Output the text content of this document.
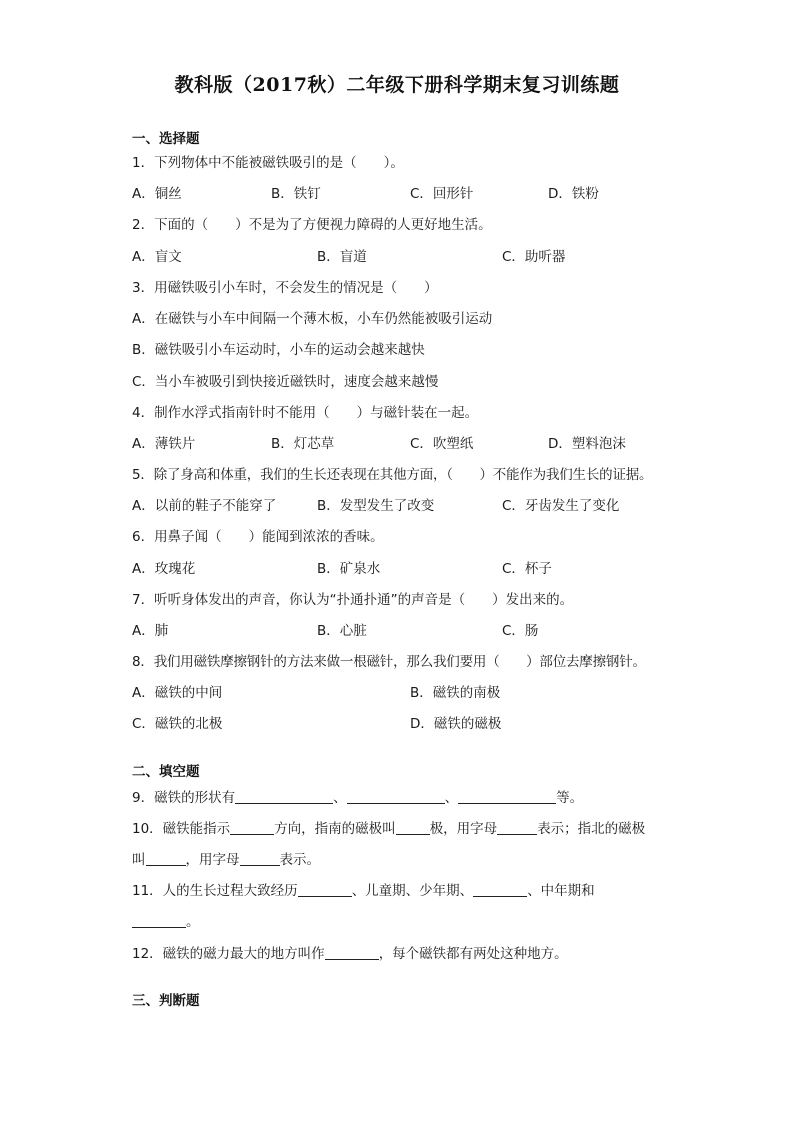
教科版（2017秋）二年级下册科学期末复习训练题
一、选择题
1．下列物体中不能被磁铁吸引的是（　　）。
A．铜丝	B．铁钉	C．回形针	D．铁粉
2．下面的（　　）不是为了方便视力障碍的人更好地生活。
A．盲文	B．盲道	C．助听器
3．用磁铁吸引小车时，不会发生的情况是（　　）
A．在磁铁与小车中间隔一个薄木板，小车仍然能被吸引运动
B．磁铁吸引小车运动时，小车的运动会越来越快
C．当小车被吸引到快接近磁铁时，速度会越来越慢
4．制作水浮式指南针时不能用（　　）与磁针装在一起。
A．薄铁片	B．灯芯草	C．吹塑纸	D．塑料泡沫
5．除了身高和体重，我们的生长还表现在其他方面，（　　）不能作为我们生长的证据。
A．以前的鞋子不能穿了	B．发型发生了改变	C．牙齿发生了变化
6．用鼻子闻（　　）能闻到浓浓的香味。
A．玫瑰花	B．矿泉水	C．杯子
7．听听身体发出的声音，你认为“扑通扑通”的声音是（　　）发出来的。
A．肺	B．心脏	C．肠
8．我们用磁铁摩擦钢针的方法来做一根磁针，那么我们要用（　　）部位去摩擦钢针。
A．磁铁的中间	B．磁铁的南极
C．磁铁的北极	D．磁铁的磁极
二、填空题
9．磁铁的形状有	、	、	等。
10．磁铁能指示	方向，指南的磁极叫	极，用字母	表示；指北的磁极
叫	，用字母	表示。
11．人的生长过程大致经历	、儿童期、少年期、	、中年期和
。
12．磁铁的磁力最大的地方叫作	，每个磁铁都有两处这种地方。
三、判断题
